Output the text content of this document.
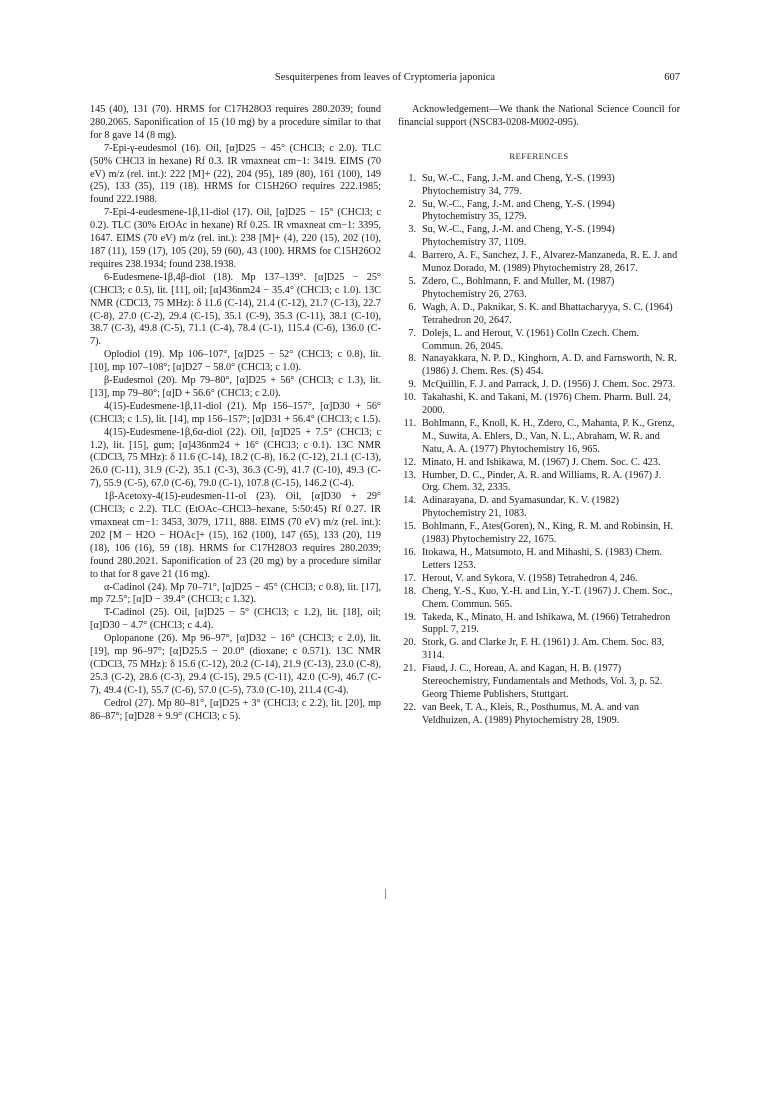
Sesquiterpenes from leaves of Cryptomeria japonica	607

145 (40), 131 (70). HRMS for C17H28O3 requires 280.2039; found 280.2065. Saponification of 15 (10 mg) by a procedure similar to that for 8 gave 14 (8 mg).

7-Epi-γ-eudesmol (16). Oil, [α]D25 − 45° (CHCl3; c 2.0). TLC (50% CHCl3 in hexane) Rf 0.3. IR νmaxneat cm−1: 3419. EIMS (70 eV) m/z (rel. int.): 222 [M]+ (22), 204 (95), 189 (80), 161 (100), 149 (25), 133 (35), 119 (18). HRMS for C15H26O requires 222.1985; found 222.1988.

7-Epi-4-eudesmene-1β,11-diol (17). Oil, [α]D25 − 15° (CHCl3; c 0.2). TLC (30% EtOAc in hexane) Rf 0.25. IR νmaxneat cm−1: 3395, 1647. EIMS (70 eV) m/z (rel. int.): 238 [M]+ (4), 220 (15), 202 (10), 187 (11), 159 (17), 105 (20), 59 (60), 43 (100). HRMS for C15H26O2 requires 238.1934; found 238.1938.

6-Eudesmene-1β,4β-diol (18). Mp 137–139°. [α]D25 − 25° (CHCl3; c 0.5), lit. [11], oil; [α]436nm24 − 35.4° (CHCl3; c 1.0). 13C NMR (CDCl3, 75 MHz): δ 11.6 (C-14), 21.4 (C-12), 21.7 (C-13), 22.7 (C-8), 27.0 (C-2), 29.4 (C-15), 35.1 (C-9), 35.3 (C-11), 38.1 (C-10), 38.7 (C-3), 49.8 (C-5), 71.1 (C-4), 78.4 (C-1), 115.4 (C-6), 136.0 (C-7).

Oplodiol (19). Mp 106–107°, [α]D25 − 52° (CHCl3; c 0.8), lit. [10], mp 107–108°; [α]D27 − 58.0° (CHCl3; c 1.0).

β-Eudesmol (20). Mp 79–80°, [α]D25 + 56° (CHCl3; c 1.3), lit. [13], mp 79–80°; [α]D + 56.6° (CHCl3; c 2.0).

4(15)-Eudesmene-1β,11-diol (21). Mp 156–157°, [α]D30 + 56° (CHCl3; c 1.5), lit. [14], mp 156–157°; [α]D31 + 56.4° (CHCl3; c 1.5).

4(15)-Eudesmene-1β,6α-diol (22). Oil, [α]D25 + 7.5° (CHCl3; c 1.2), lit. [15], gum; [α]436nm24 + 16° (CHCl3; c 0.1). 13C NMR (CDCl3, 75 MHz): δ 11.6 (C-14), 18.2 (C-8), 16.2 (C-12), 21.1 (C-13), 26.0 (C-11), 31.9 (C-2), 35.1 (C-3), 36.3 (C-9), 41.7 (C-10), 49.3 (C-7), 55.9 (C-5), 67.0 (C-6), 79.0 (C-1), 107.8 (C-15), 146.2 (C-4).

1β-Acetoxy-4(15)-eudesmen-11-ol (23). Oil, [α]D30 + 29° (CHCl3; c 2.2). TLC (EtOAc–CHCl3–hexane, 5:50:45) Rf 0.27. IR νmaxneat cm−1: 3453, 3079, 1711, 888. EIMS (70 eV) m/z (rel. int.): 202 [M − H2O − HOAc]+ (15), 162 (100), 147 (65), 133 (20), 119 (18), 106 (16), 59 (18). HRMS for C17H28O3 requires 280.2039; found 280.2021. Saponification of 23 (20 mg) by a procedure similar to that for 8 gave 21 (16 mg).

α-Cadinol (24). Mp 70–71°, [α]D25 − 45° (CHCl3; c 0.8), lit. [17], mp 72.5°; [α]D − 39.4° (CHCl3; c 1.32).

T-Cadinol (25). Oil, [α]D25 − 5° (CHCl3; c 1.2), lit. [18], oil; [α]D30 − 4.7° (CHCl3; c 4.4).

Oplopanone (26). Mp 96–97°, [α]D32 − 16° (CHCl3; c 2.0), lit. [19], mp 96–97°; [α]D25.5 − 20.0° (dioxane; c 0.571). 13C NMR (CDCl3, 75 MHz): δ 15.6 (C-12), 20.2 (C-14), 21.9 (C-13), 23.0 (C-8), 25.3 (C-2), 28.6 (C-3), 29.4 (C-15), 29.5 (C-11), 42.0 (C-9), 46.7 (C-7), 49.4 (C-1), 55.7 (C-6), 57.0 (C-5), 73.0 (C-10), 211.4 (C-4).

Cedrol (27). Mp 80–81°, [α]D25 + 3° (CHCl3; c 2.2), lit. [20], mp 86–87°; [α]D28 + 9.9° (CHCl3; c 5).

Acknowledgement—We thank the National Science Council for financial support (NSC83-0208-M002-095).

REFERENCES
1. Su, W.-C., Fang, J.-M. and Cheng, Y.-S. (1993) Phytochemistry 34, 779.
2. Su, W.-C., Fang, J.-M. and Cheng, Y.-S. (1994) Phytochemistry 35, 1279.
3. Su, W.-C., Fang, J.-M. and Cheng, Y.-S. (1994) Phytochemistry 37, 1109.
4. Barrero, A. F., Sanchez, J. F., Alvarez-Manzaneda, R. E. J. and Munoz Dorado, M. (1989) Phytochemistry 28, 2617.
5. Zdero, C., Bohlmann, F. and Muller, M. (1987) Phytochemistry 26, 2763.
6. Wagh, A. D., Paknikar, S. K. and Bhattacharyya, S. C. (1964) Tetrahedron 20, 2647.
7. Dolejs, L. and Herout, V. (1961) Colln Czech. Chem. Commun. 26, 2045.
8. Nanayakkara, N. P. D., Kinghorn, A. D. and Farnsworth, N. R. (1986) J. Chem. Res. (S) 454.
9. McQuillin, F. J. and Parrack, J. D. (1956) J. Chem. Soc. 2973.
10. Takahashi, K. and Takani, M. (1976) Chem. Pharm. Bull. 24, 2000.
11. Bohlmann, F., Knoll, K. H., Zdero, C., Mahanta, P. K., Grenz, M., Suwita, A. Ehlers, D., Van, N. L., Abraham, W. R. and Natu, A. A. (1977) Phytochemistry 16, 965.
12. Minato, H. and Ishikawa, M. (1967) J. Chem. Soc. C. 423.
13. Humber, D. C., Pinder, A. R. and Williams, R. A. (1967) J. Org. Chem. 32, 2335.
14. Adinarayana, D. and Syamasundar, K. V. (1982) Phytochemistry 21, 1083.
15. Bohlmann, F., Ates(Goren), N., King, R. M. and Robinsin, H. (1983) Phytochemistry 22, 1675.
16. Itokawa, H., Matsumoto, H. and Mihashi, S. (1983) Chem. Letters 1253.
17. Herout, V. and Sykora, V. (1958) Tetrahedron 4, 246.
18. Cheng, Y.-S., Kuo, Y.-H. and Lin, Y.-T. (1967) J. Chem. Soc., Chem. Commun. 565.
19. Takeda, K., Minato, H. and Ishikawa, M. (1966) Tetrahedron Suppl. 7, 219.
20. Stork, G. and Clarke Jr, F. H. (1961) J. Am. Chem. Soc. 83, 3114.
21. Fiaud, J. C., Horeau, A. and Kagan, H. B. (1977) Stereochemistry, Fundamentals and Methods, Vol. 3, p. 52. Georg Thieme Publishers, Stuttgart.
22. van Beek, T. A., Kleis, R., Posthumus, M. A. and van Veldhuizen, A. (1989) Phytochemistry 28, 1909.
